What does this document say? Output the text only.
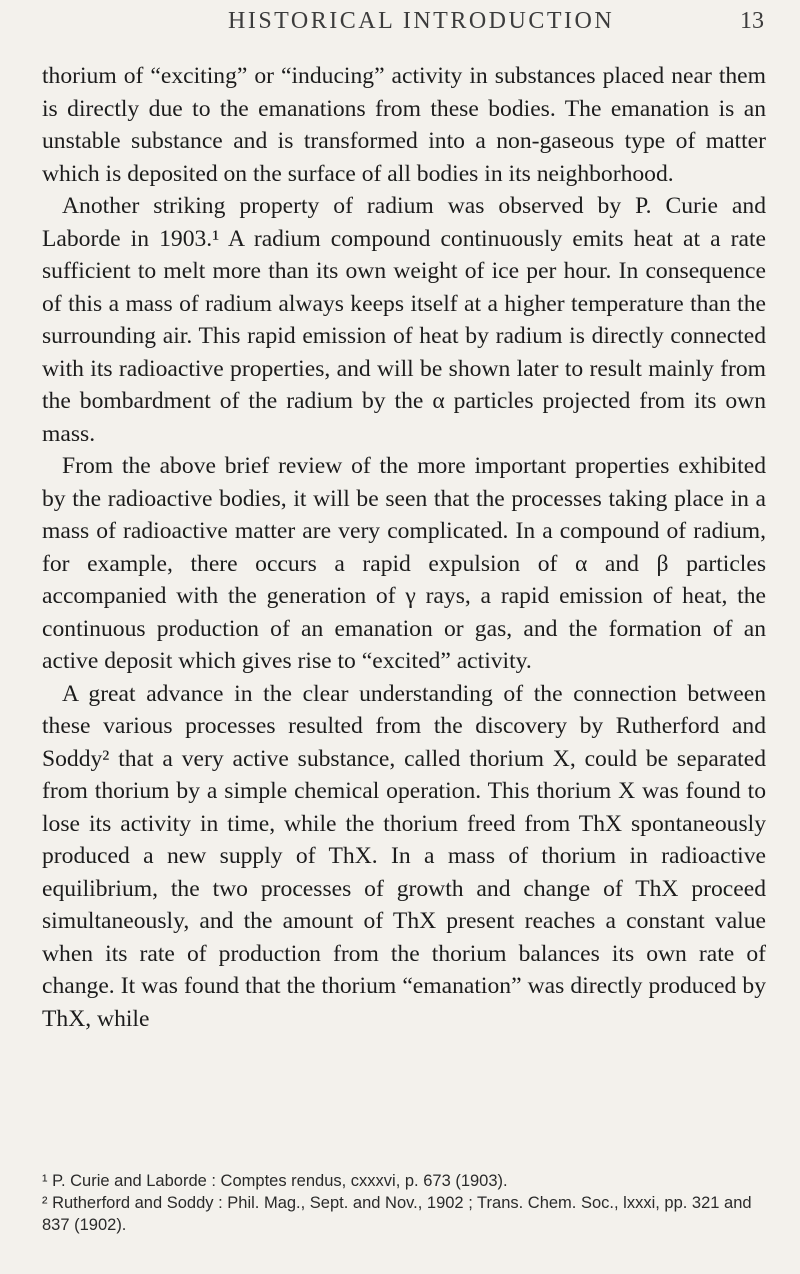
HISTORICAL INTRODUCTION	13

thorium of “exciting” or “inducing” activity in substances placed near them is directly due to the emanations from these bodies. The emanation is an unstable substance and is transformed into a non-gaseous type of matter which is deposited on the surface of all bodies in its neighborhood.

Another striking property of radium was observed by P. Curie and Laborde in 1903.¹ A radium compound continuously emits heat at a rate sufficient to melt more than its own weight of ice per hour. In consequence of this a mass of radium always keeps itself at a higher temperature than the surrounding air. This rapid emission of heat by radium is directly connected with its radioactive properties, and will be shown later to result mainly from the bombardment of the radium by the α particles projected from its own mass.

From the above brief review of the more important properties exhibited by the radioactive bodies, it will be seen that the processes taking place in a mass of radioactive matter are very complicated. In a compound of radium, for example, there occurs a rapid expulsion of α and β particles accompanied with the generation of γ rays, a rapid emission of heat, the continuous production of an emanation or gas, and the formation of an active deposit which gives rise to “excited” activity.

A great advance in the clear understanding of the connection between these various processes resulted from the discovery by Rutherford and Soddy² that a very active substance, called thorium X, could be separated from thorium by a simple chemical operation. This thorium X was found to lose its activity in time, while the thorium freed from ThX spontaneously produced a new supply of ThX. In a mass of thorium in radioactive equilibrium, the two processes of growth and change of ThX proceed simultaneously, and the amount of ThX present reaches a constant value when its rate of production from the thorium balances its own rate of change. It was found that the thorium “emanation” was directly produced by ThX, while

¹ P. Curie and Laborde : Comptes rendus, cxxxvi, p. 673 (1903).

² Rutherford and Soddy : Phil. Mag., Sept. and Nov., 1902 ; Trans. Chem. Soc., lxxxi, pp. 321 and 837 (1902).
